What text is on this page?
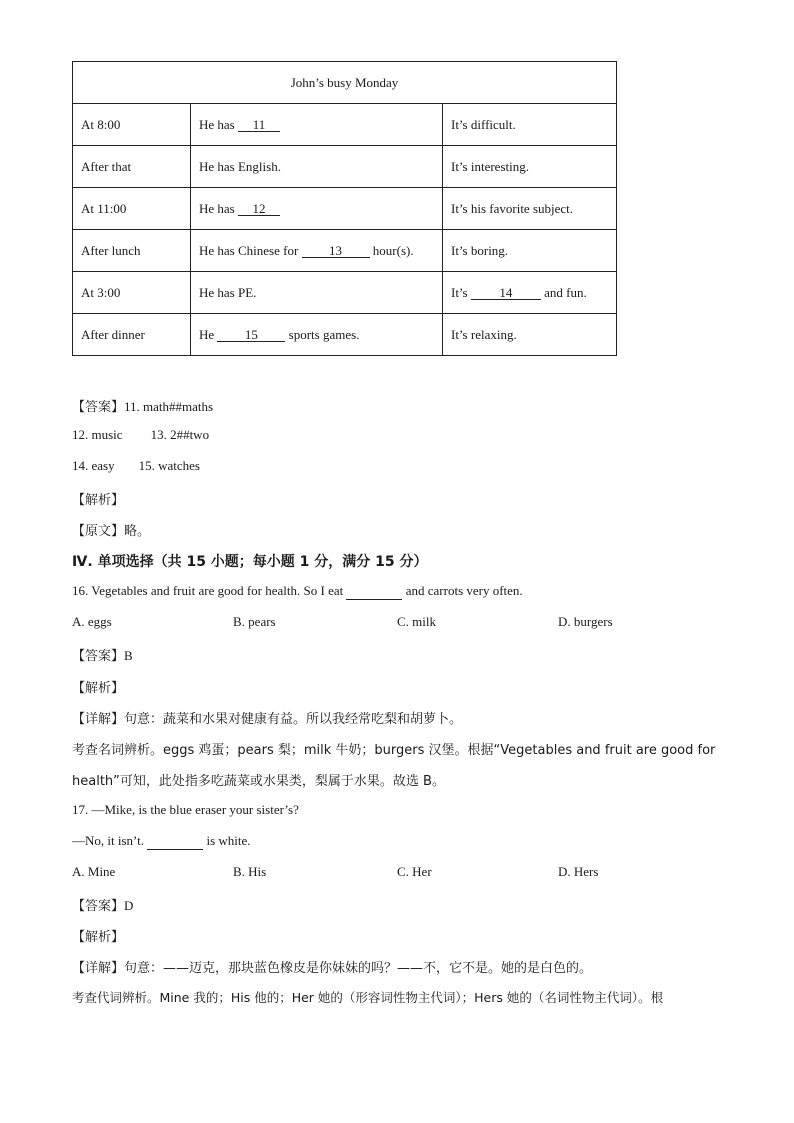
John’s busy Monday		
At 8:00	He has 11	It’s difficult.
After that	He has English.	It’s interesting.
At 11:00	He has 12	It’s his favorite subject.
After lunch	He has Chinese for 13 hour(s).	It’s boring.
At 3:00	He has PE.	It’s 14 and fun.
After dinner	He 15 sports games.	It’s relaxing.
【答案】11. math##maths
12. music 13. 2##two
14. easy 15. watches
【解析】
【原文】略。
Ⅳ. 单项选择（共 15 小题；每小题 1 分，满分 15 分）
16. Vegetables and fruit are good for health. So I eat	and carrots very often.
A. eggs	B. pears	C. milk	D. burgers
【答案】B
【解析】
【详解】句意：蔬菜和水果对健康有益。所以我经常吃梨和胡萝卜。
考查名词辨析。eggs 鸡蛋；pears 梨；milk 牛奶；burgers 汉堡。根据“Vegetables and fruit are good for
health”可知，此处指多吃蔬菜或水果类，梨属于水果。故选 B。
17. —Mike, is the blue eraser your sister’s?
—No, it isn’t.	is white.
A. Mine	B. His	C. Her	D. Hers
【答案】D
【解析】
【详解】句意：——迈克，那块蓝色橡皮是你妹妹的吗？——不，它不是。她的是白色的。
考查代词辨析。Mine 我的；His 他的；Her 她的（形容词性物主代词）；Hers 她的（名词性物主代词）。根
